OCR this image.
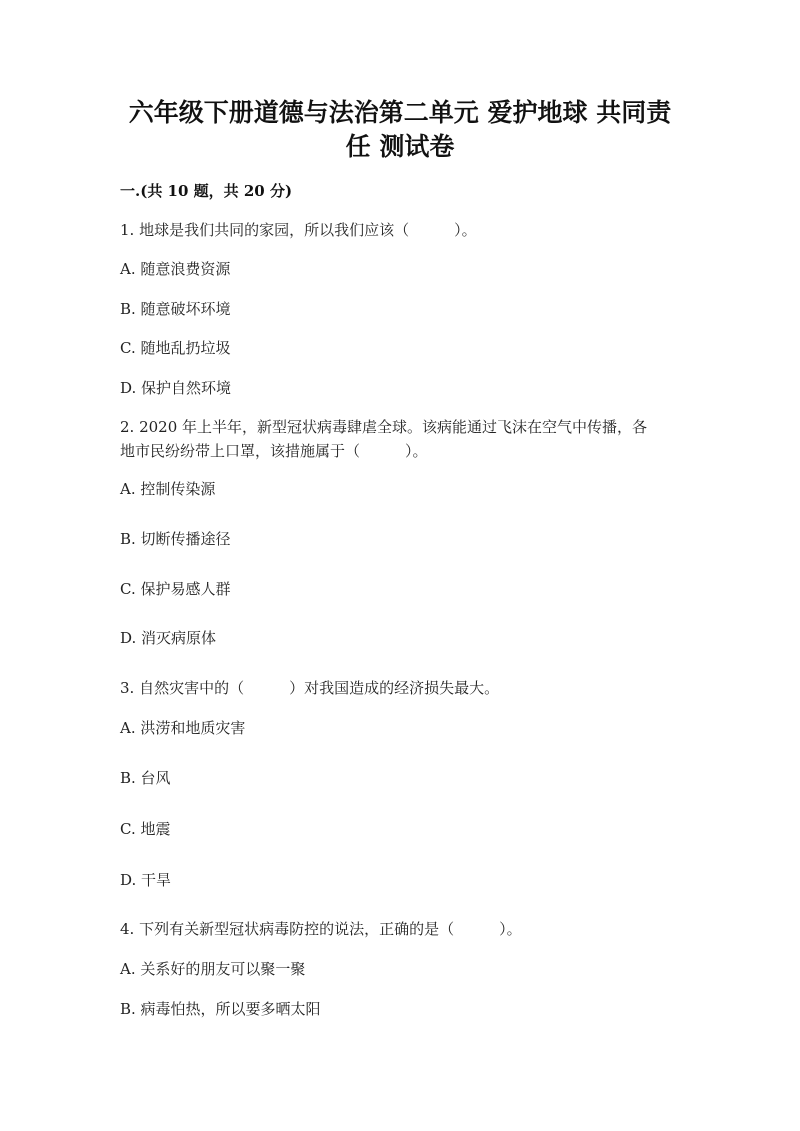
六年级下册道德与法治第二单元 爱护地球 共同责
任 测试卷
一.(共 10 题，共 20 分)
1. 地球是我们共同的家园，所以我们应该（　　　）。
A. 随意浪费资源
B. 随意破坏环境
C. 随地乱扔垃圾
D. 保护自然环境
2. 2020 年上半年，新型冠状病毒肆虐全球。该病能通过飞沫在空气中传播，各
地市民纷纷带上口罩，该措施属于（　　　）。
A. 控制传染源
B. 切断传播途径
C. 保护易感人群
D. 消灭病原体
3. 自然灾害中的（　　　）对我国造成的经济损失最大。
A. 洪涝和地质灾害
B. 台风
C. 地震
D. 干旱
4. 下列有关新型冠状病毒防控的说法，正确的是（　　　）。
A. 关系好的朋友可以聚一聚
B. 病毒怕热，所以要多晒太阳
